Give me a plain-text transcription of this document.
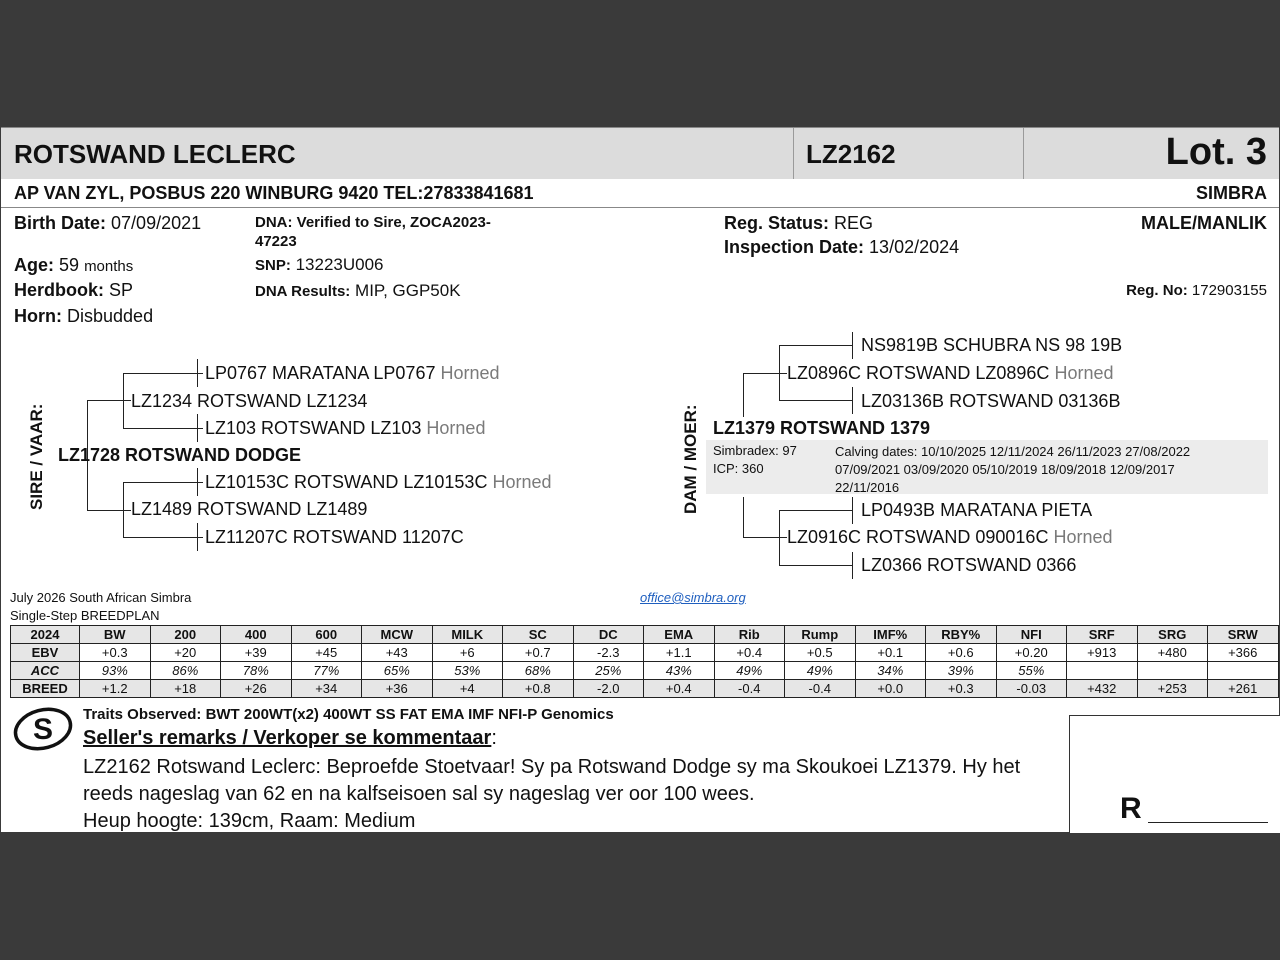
ROTSWAND LECLERC	LZ2162	Lot. 3
AP VAN ZYL, POSBUS 220 WINBURG 9420 TEL:27833841681	SIMBRA
Birth Date: 07/09/2021
Age: 59 months
Herdbook: SP
Horn: Disbudded
DNA: Verified to Sire, ZOCA2023-
47223
SNP: 13223U006
DNA Results: MIP, GGP50K
Reg. Status: REG
Inspection Date: 13/02/2024
MALE/MANLIK
Reg. No: 172903155
SIRE / VAAR: LZ1728 ROTSWAND DODGE
LZ1234 ROTSWAND LZ1234
LP0767 MARATANA LP0767 Horned
LZ103 ROTSWAND LZ103 Horned
LZ1489 ROTSWAND LZ1489
LZ10153C ROTSWAND LZ10153C Horned
LZ11207C ROTSWAND 11207C
DAM / MOER: LZ1379 ROTSWAND 1379
LZ0896C ROTSWAND LZ0896C Horned
NS9819B SCHUBRA NS 98 19B
LZ03136B ROTSWAND 03136B
LZ0916C ROTSWAND 090016C Horned
LP0493B MARATANA PIETA
LZ0366 ROTSWAND 0366
Simbradex: 97
ICP: 360
Calving dates: 10/10/2025 12/11/2024 26/11/2023 27/08/2022
07/09/2021 03/09/2020 05/10/2019 18/09/2018 12/09/2017
22/11/2016
July 2026 South African Simbra
Single-Step BREEDPLAN
office@simbra.org
2024	BW	200	400	600	MCW	MILK	SC	DC	EMA	Rib	Rump	IMF%	RBY%	NFI	SRF	SRG	SRW
EBV	+0.3	+20	+39	+45	+43	+6	+0.7	-2.3	+1.1	+0.4	+0.5	+0.1	+0.6	+0.20	+913	+480	+366
ACC	93%	86%	78%	77%	65%	53%	68%	25%	43%	49%	49%	34%	39%	55%			
BREED	+1.2	+18	+26	+34	+36	+4	+0.8	-2.0	+0.4	-0.4	-0.4	+0.0	+0.3	-0.03	+432	+253	+261
S Traits Observed: BWT 200WT(x2) 400WT SS FAT EMA IMF NFI-P Genomics
Seller's remarks / Verkoper se kommentaar:
LZ2162 Rotswand Leclerc: Beproefde Stoetvaar! Sy pa Rotswand Dodge sy ma Skoukoei LZ1379. Hy het
reeds nageslag van 62 en na kalfseisoen sal sy nageslag ver oor 100 wees.
Heup hoogte: 139cm, Raam: Medium	R
